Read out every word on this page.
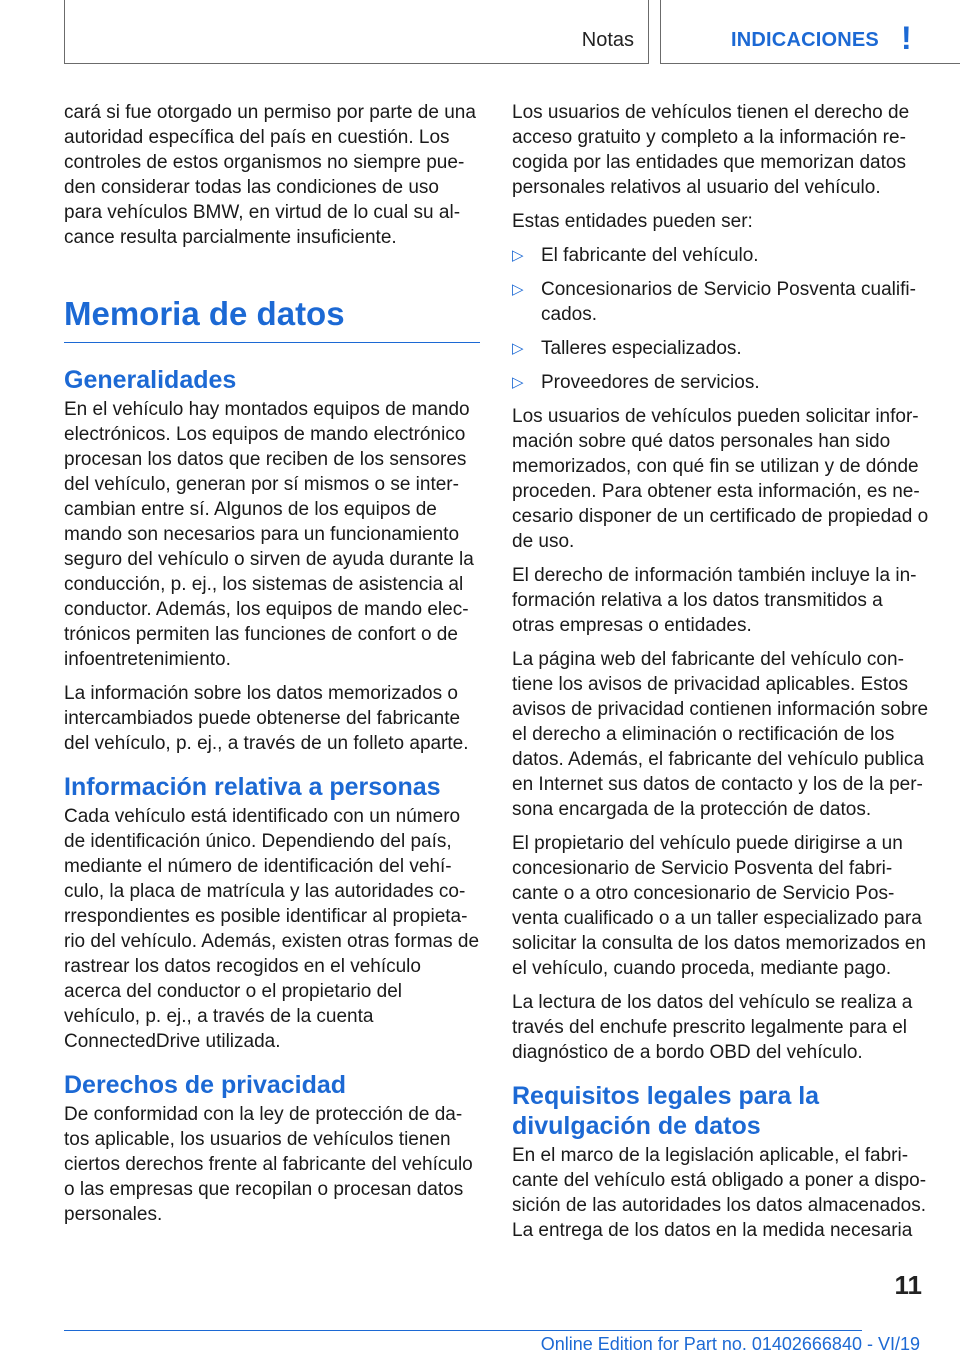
Notas	INDICACIONES !

cará si fue otorgado un permiso por parte de una autoridad específica del país en cuestión. Los controles de estos organismos no siempre pueden considerar todas las condiciones de uso para vehículos BMW, en virtud de lo cual su alcance resulta parcialmente insuficiente.

Memoria de datos
Generalidades

En el vehículo hay montados equipos de mando electrónicos. Los equipos de mando electrónico procesan los datos que reciben de los sensores del vehículo, generan por sí mismos o se intercambian entre sí. Algunos de los equipos de mando son necesarios para un funcionamiento seguro del vehículo o sirven de ayuda durante la conducción, p. ej., los sistemas de asistencia al conductor. Además, los equipos de mando electrónicos permiten las funciones de confort o de infoentretenimiento.

La información sobre los datos memorizados o intercambiados puede obtenerse del fabricante del vehículo, p. ej., a través de un folleto aparte.

Información relativa a personas

Cada vehículo está identificado con un número de identificación único. Dependiendo del país, mediante el número de identificación del vehículo, la placa de matrícula y las autoridades correspondientes es posible identificar al propietario del vehículo. Además, existen otras formas de rastrear los datos recogidos en el vehículo acerca del conductor o el propietario del vehículo, p. ej., a través de la cuenta ConnectedDrive utilizada.

Derechos de privacidad

De conformidad con la ley de protección de datos aplicable, los usuarios de vehículos tienen ciertos derechos frente al fabricante del vehículo o las empresas que recopilan o procesan datos personales.

Los usuarios de vehículos tienen el derecho de acceso gratuito y completo a la información recogida por las entidades que memorizan datos personales relativos al usuario del vehículo.

Estas entidades pueden ser:

▷ El fabricante del vehículo.
▷ Concesionarios de Servicio Posventa cualificados.
▷ Talleres especializados.
▷ Proveedores de servicios.

Los usuarios de vehículos pueden solicitar información sobre qué datos personales han sido memorizados, con qué fin se utilizan y de dónde proceden. Para obtener esta información, es necesario disponer de un certificado de propiedad o de uso.

El derecho de información también incluye la información relativa a los datos transmitidos a otras empresas o entidades.

La página web del fabricante del vehículo contiene los avisos de privacidad aplicables. Estos avisos de privacidad contienen información sobre el derecho a eliminación o rectificación de los datos. Además, el fabricante del vehículo publica en Internet sus datos de contacto y los de la persona encargada de la protección de datos.

El propietario del vehículo puede dirigirse a un concesionario de Servicio Posventa del fabricante o a otro concesionario de Servicio Posventa cualificado o a un taller especializado para solicitar la consulta de los datos memorizados en el vehículo, cuando proceda, mediante pago.

La lectura de los datos del vehículo se realiza a través del enchufe prescrito legalmente para el diagnóstico de a bordo OBD del vehículo.

Requisitos legales para la divulgación de datos

En el marco de la legislación aplicable, el fabricante del vehículo está obligado a poner a disposición de las autoridades los datos almacenados. La entrega de los datos en la medida necesaria

11
Online Edition for Part no. 01402666840 - VI/19
